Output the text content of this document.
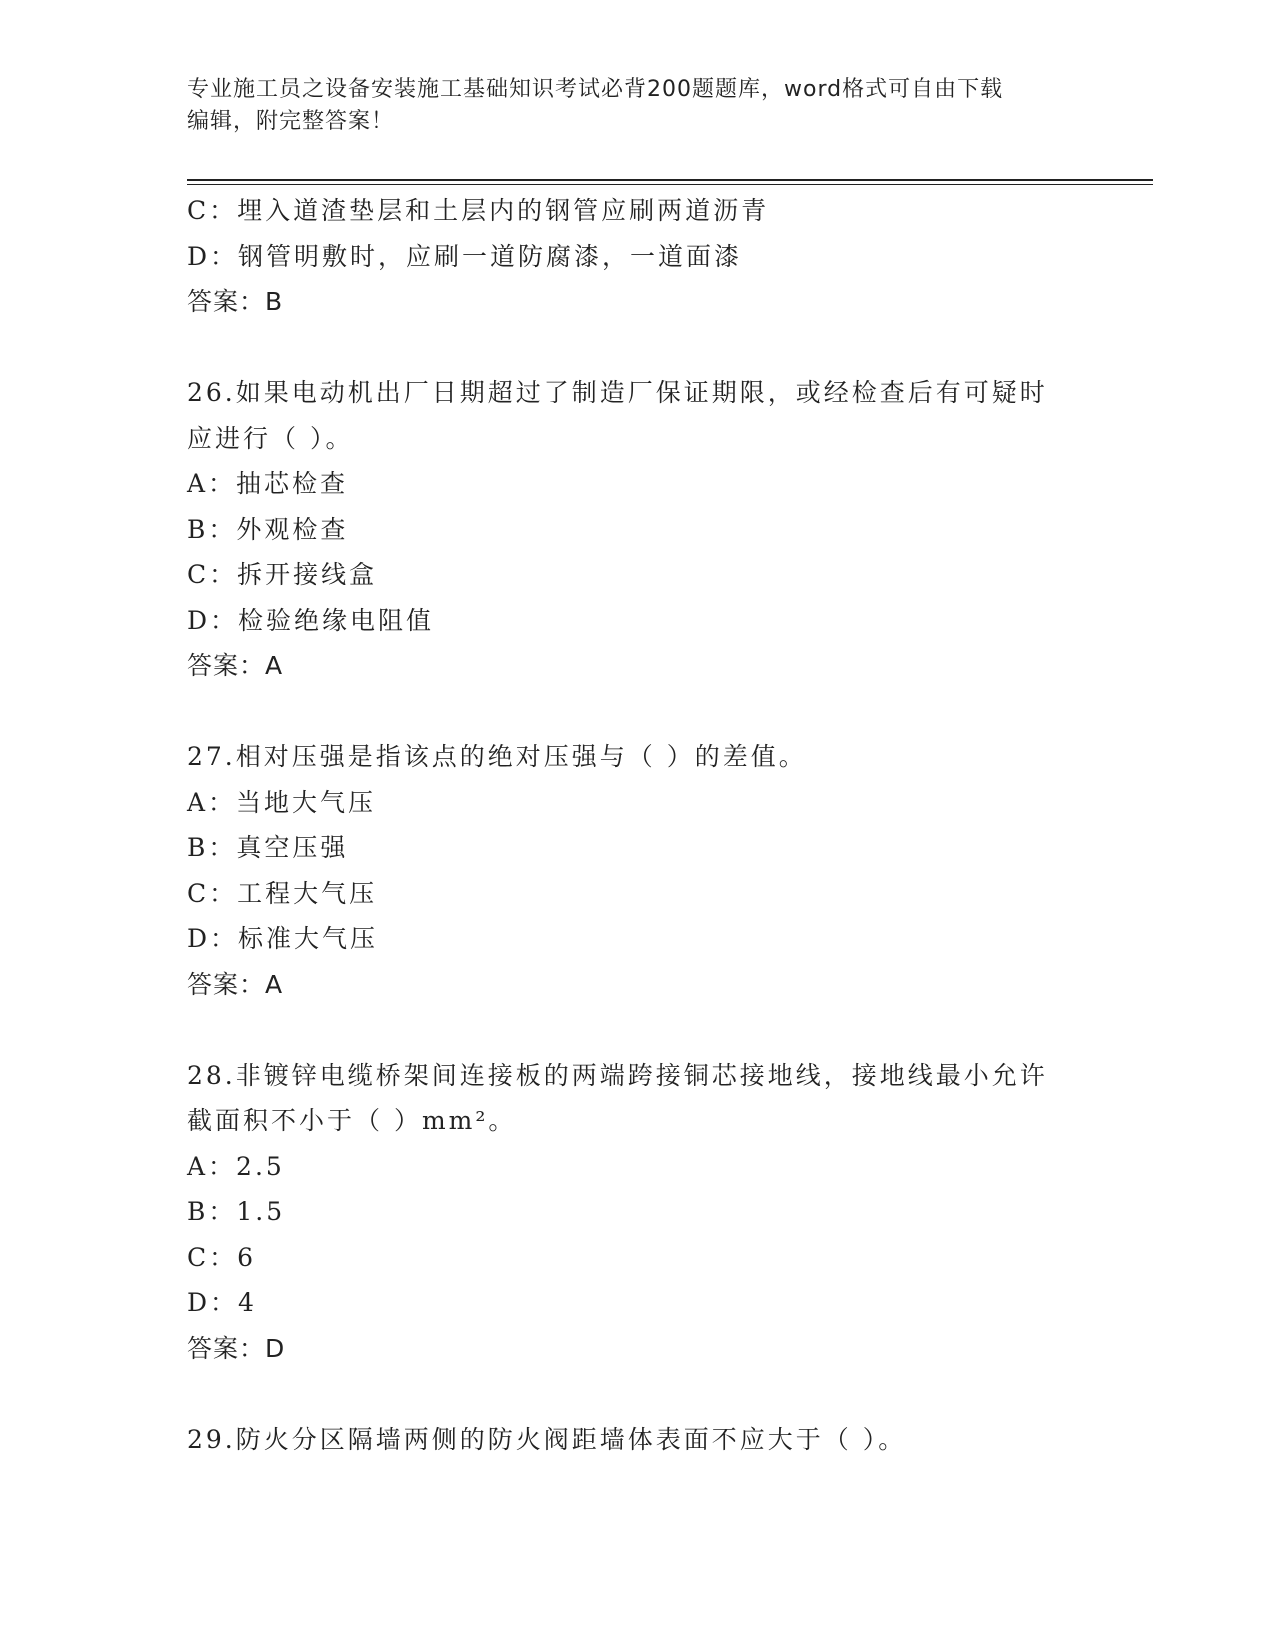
专业施工员之设备安装施工基础知识考试必背200题题库，word格式可自由下载
编辑，附完整答案！
C：埋入道渣垫层和土层内的钢管应刷两道沥青
D：钢管明敷时，应刷一道防腐漆，一道面漆
答案：B
26.如果电动机出厂日期超过了制造厂保证期限，或经检查后有可疑时
应进行（ ）。
A：抽芯检查
B：外观检查
C：拆开接线盒
D：检验绝缘电阻值
答案：A
27.相对压强是指该点的绝对压强与（ ）的差值。
A：当地大气压
B：真空压强
C：工程大气压
D：标准大气压
答案：A
28.非镀锌电缆桥架间连接板的两端跨接铜芯接地线，接地线最小允许
截面积不小于（ ）mm²。
A：2.5
B：1.5
C：6
D：4
答案：D
29.防火分区隔墙两侧的防火阀距墙体表面不应大于（ ）。
